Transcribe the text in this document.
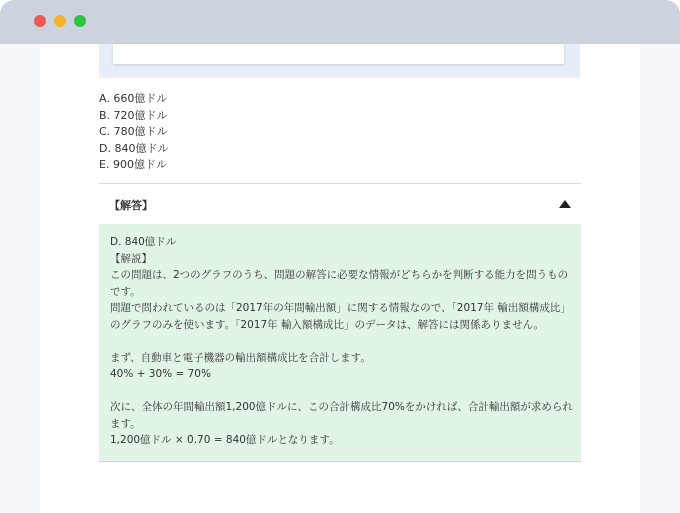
A. 660億ドル
B. 720億ドル
C. 780億ドル
D. 840億ドル
E. 900億ドル
【解答】
D. 840億ドル
【解説】
この問題は、2つのグラフのうち、問題の解答に必要な情報がどちらかを判断する能力を問うものです。
問題で問われているのは「2017年の年間輸出額」に関する情報なので、「2017年 輸出額構成比」のグラフのみを使います。「2017年 輸入額構成比」のデータは、解答には関係ありません。
まず、自動車と電子機器の輸出額構成比を合計します。
40% + 30% = 70%
次に、全体の年間輸出額1,200億ドルに、この合計構成比70%をかければ、合計輸出額が求められます。
1,200億ドル × 0.70 = 840億ドルとなります。
